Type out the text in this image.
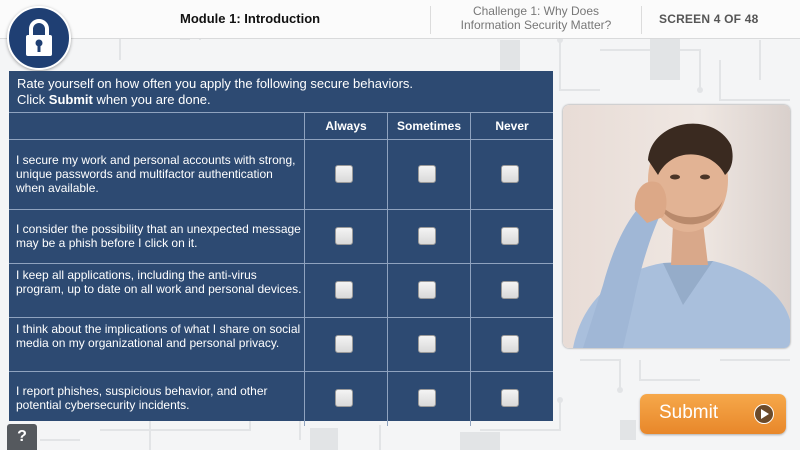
Module 1: Introduction	Challenge 1: Why Does
Information Security Matter?	SCREEN 4 OF 48
Rate yourself on how often you apply the following secure behaviors.
Click Submit when you are done.
Always	Sometimes	Never
I secure my work and personal accounts with strong, unique passwords and multifactor authentication when available.
I consider the possibility that an unexpected message may be a phish before I click on it.
I keep all applications, including the anti-virus program, up to date on all work and personal devices.
I think about the implications of what I share on social media on my organizational and personal privacy.
I report phishes, suspicious behavior, and other potential cybersecurity incidents.	Submit
?
